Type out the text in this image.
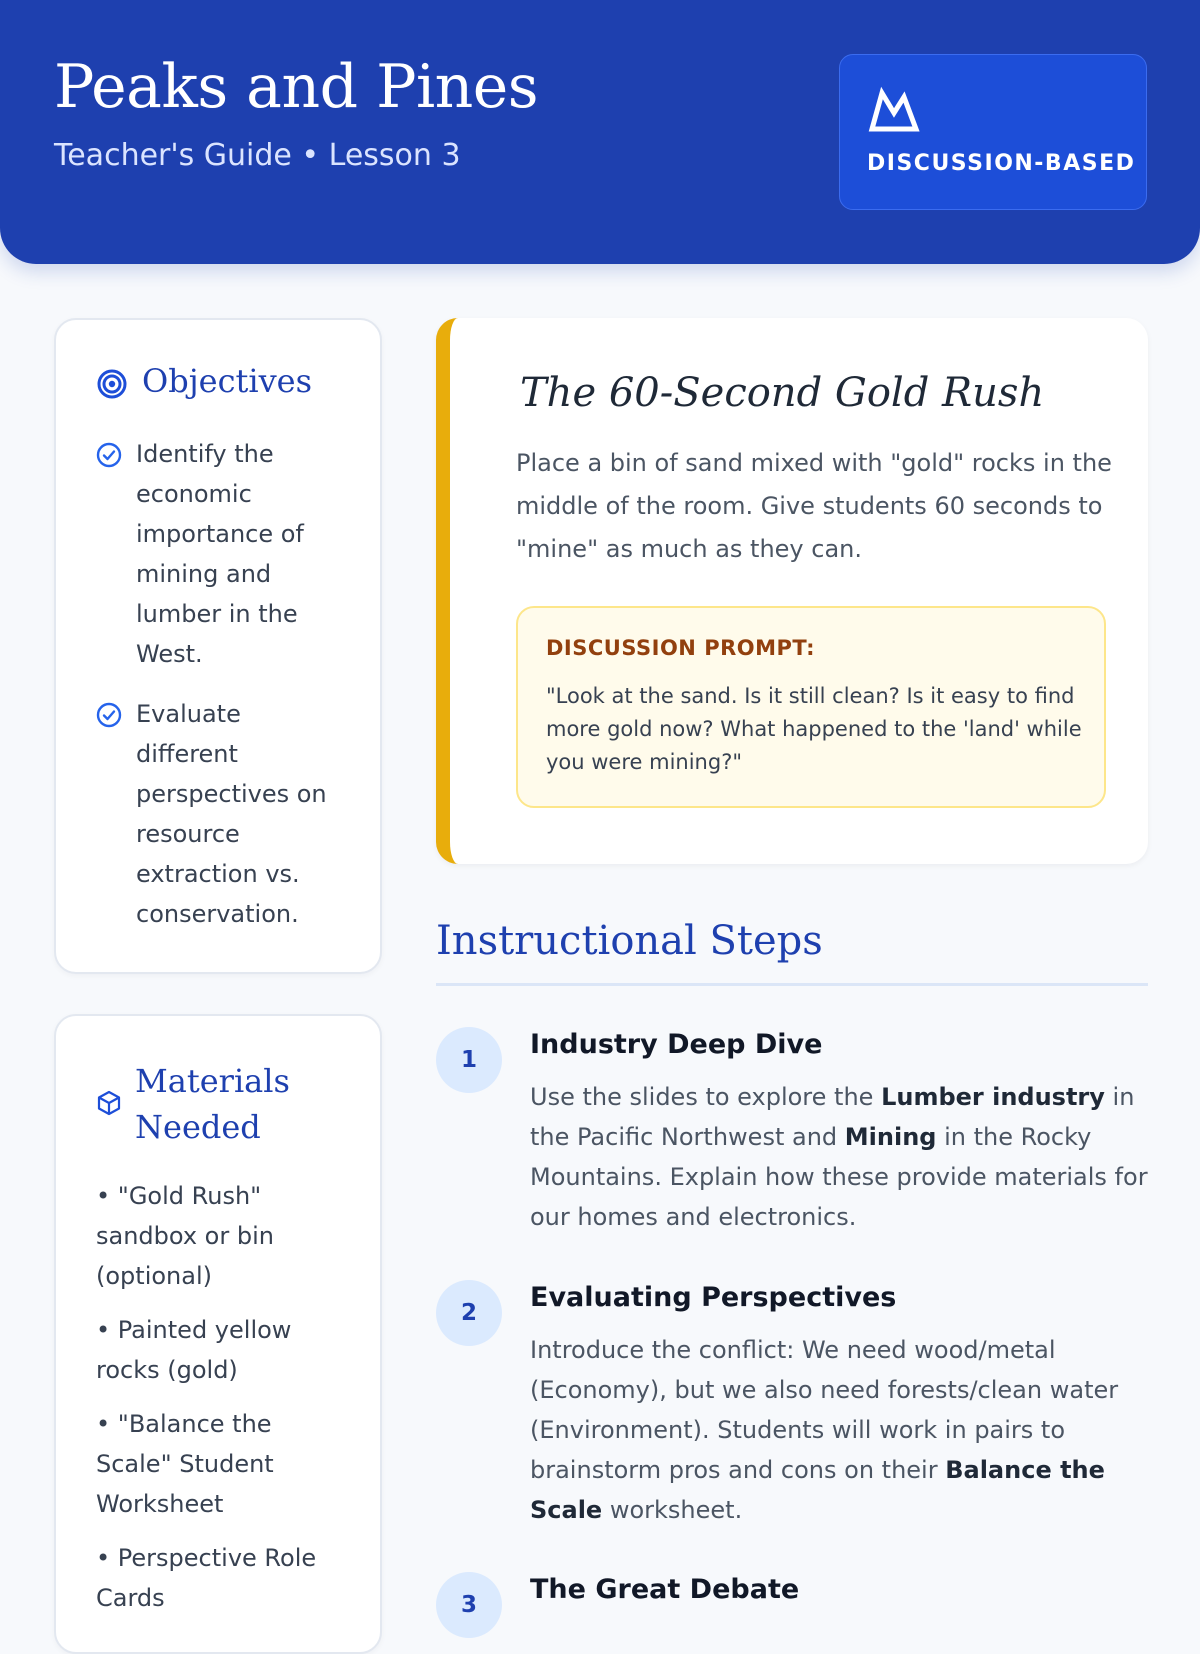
Peaks and Pines
Teacher's Guide • Lesson 3	DISCUSSION-BASED
Objectives
Identify the economic importance of mining and lumber in the West.
Evaluate different perspectives on resource extraction vs. conservation.
Materials Needed
• "Gold Rush" sandbox or bin (optional)
• Painted yellow rocks (gold)
• "Balance the Scale" Student Worksheet
• Perspective Role Cards
The 60-Second Gold Rush
Place a bin of sand mixed with "gold" rocks in the middle of the room. Give students 60 seconds to "mine" as much as they can.
DISCUSSION PROMPT:
"Look at the sand. Is it still clean? Is it easy to find more gold now? What happened to the 'land' while you were mining?"
Instructional Steps
1	Industry Deep Dive
Use the slides to explore the Lumber industry in the Pacific Northwest and Mining in the Rocky Mountains. Explain how these provide materials for our homes and electronics.
2	Evaluating Perspectives
Introduce the conflict: We need wood/metal (Economy), but we also need forests/clean water (Environment). Students will work in pairs to brainstorm pros and cons on their Balance the Scale worksheet.
3	The Great Debate
